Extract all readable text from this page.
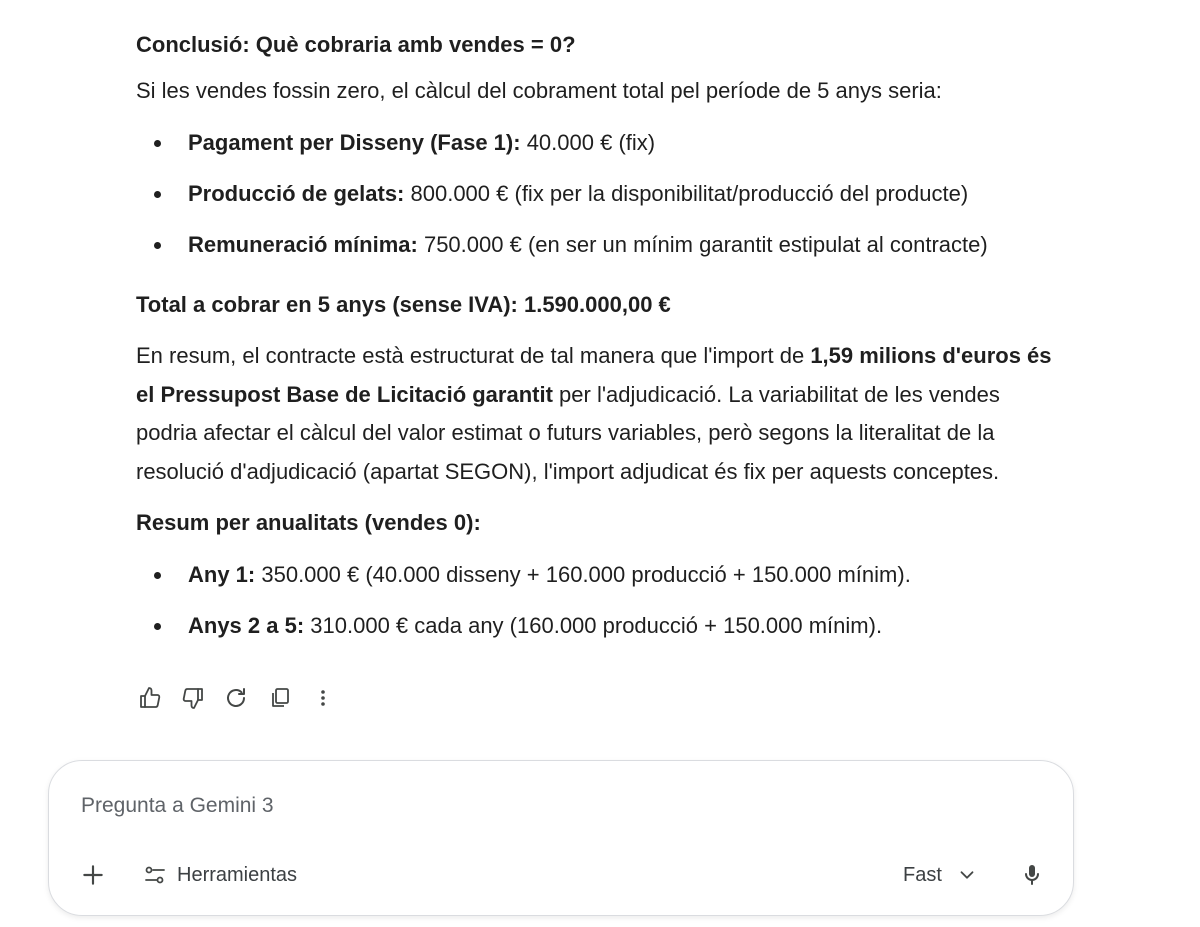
Conclusió: Què cobraria amb vendes = 0?
Si les vendes fossin zero, el càlcul del cobrament total pel període de 5 anys seria:
Pagament per Disseny (Fase 1): 40.000 € (fix)
Producció de gelats: 800.000 € (fix per la disponibilitat/producció del producte)
Remuneració mínima: 750.000 € (en ser un mínim garantit estipulat al contracte)
Total a cobrar en 5 anys (sense IVA): 1.590.000,00 €
En resum, el contracte està estructurat de tal manera que l'import de 1,59 milions d'euros és el Pressupost Base de Licitació garantit per l'adjudicació. La variabilitat de les vendes podria afectar el càlcul del valor estimat o futurs variables, però segons la literalitat de la resolució d'adjudicació (apartat SEGON), l'import adjudicat és fix per aquests conceptes.
Resum per anualitats (vendes 0):
Any 1: 350.000 € (40.000 disseny + 160.000 producció + 150.000 mínim).
Anys 2 a 5: 310.000 € cada any (160.000 producció + 150.000 mínim).
Pregunta a Gemini 3
Herramientas	Fast
